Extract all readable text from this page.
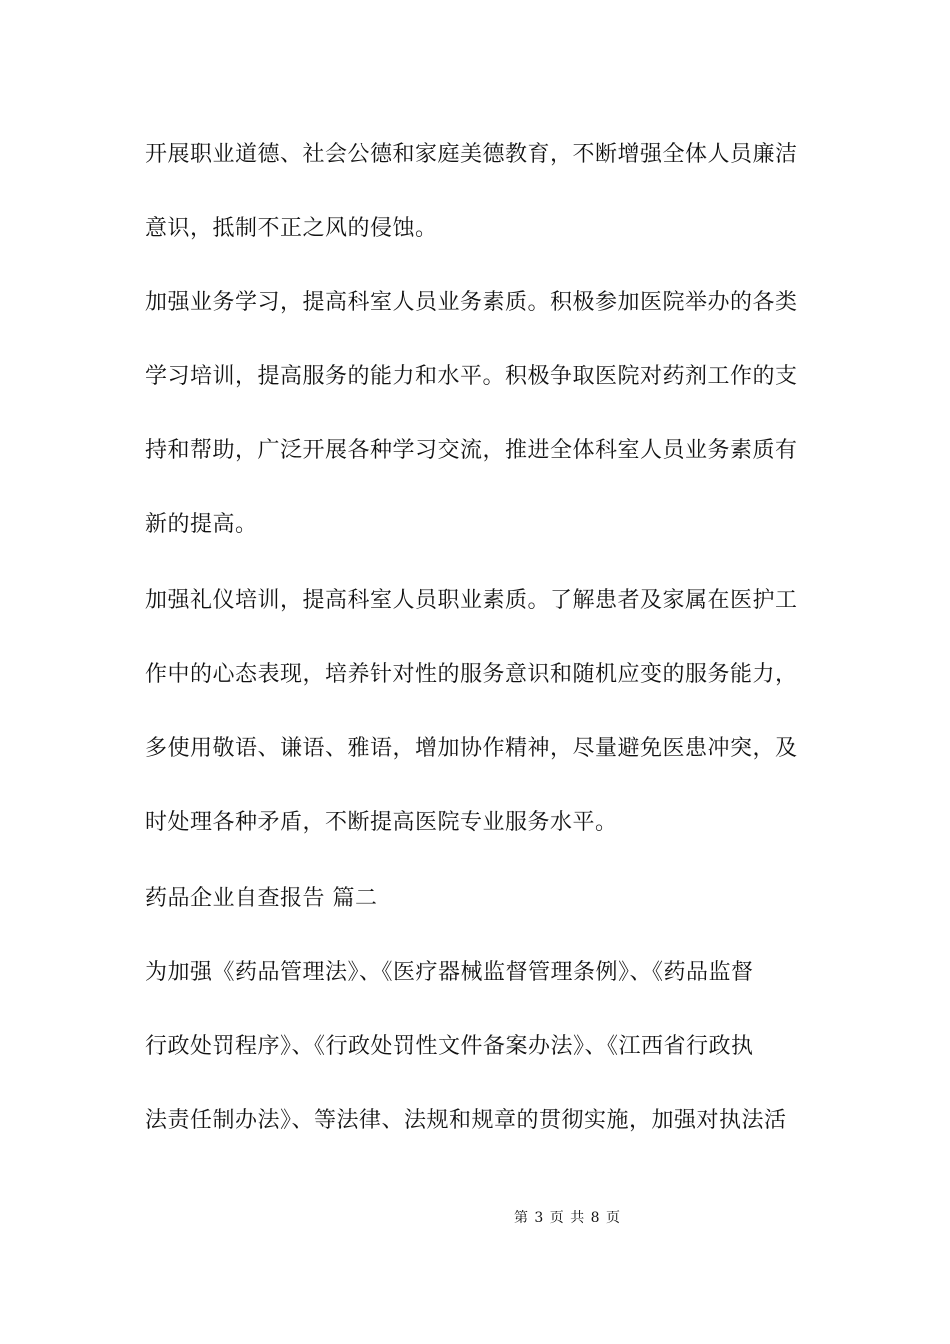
开展职业道德、社会公德和家庭美德教育，不断增强全体人员廉洁
意识，抵制不正之风的侵蚀。
加强业务学习，提高科室人员业务素质。积极参加医院举办的各类
学习培训，提高服务的能力和水平。积极争取医院对药剂工作的支
持和帮助，广泛开展各种学习交流，推进全体科室人员业务素质有
新的提高。
加强礼仪培训，提高科室人员职业素质。了解患者及家属在医护工
作中的心态表现，培养针对性的服务意识和随机应变的服务能力，
多使用敬语、谦语、雅语，增加协作精神，尽量避免医患冲突，及
时处理各种矛盾，不断提高医院专业服务水平。
药品企业自查报告 篇二
为加强《药品管理法》、《医疗器械监督管理条例》、《药品监督
行政处罚程序》、《行政处罚性文件备案办法》、《江西省行政执
法责任制办法》、等法律、法规和规章的贯彻实施，加强对执法活
第 3 页 共 8 页
